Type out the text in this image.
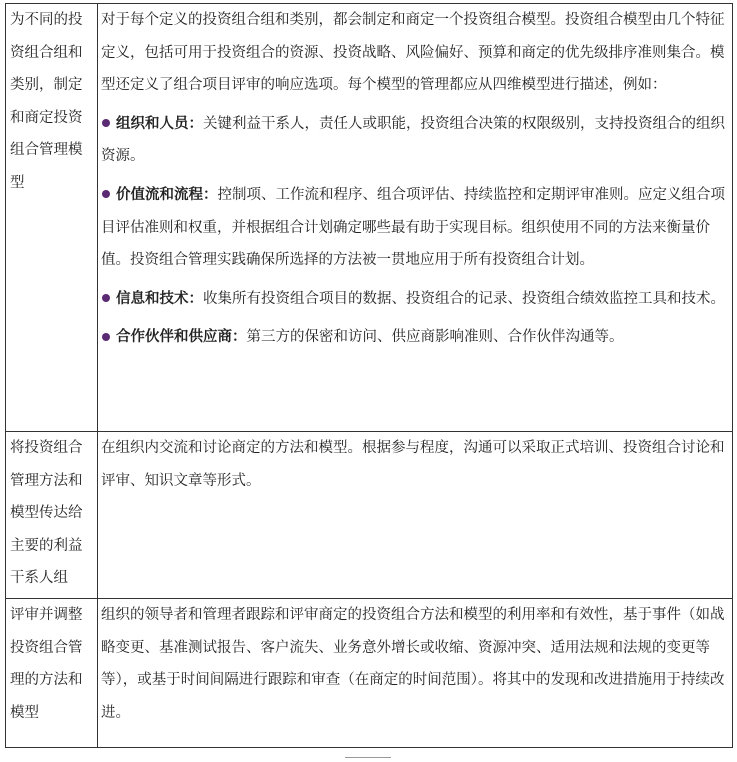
为不同的投资组合组和类别，制定和商定投资组合管理模型	对于每个定义的投资组合组和类别，都会制定和商定一个投资组合模型。投资组合模型由几个特征定义，包括可用于投资组合的资源、投资战略、风险偏好、预算和商定的优先级排序准则集合。模型还定义了组合项目评审的响应选项。每个模型的管理都应从四维模型进行描述，例如：

组织和人员：关键利益干系人，责任人或职能，投资组合决策的权限级别，支持投资组合的组织资源。

价值流和流程：控制项、工作流和程序、组合项评估、持续监控和定期评审准则。应定义组合项目评估准则和权重，并根据组合计划确定哪些最有助于实现目标。组织使用不同的方法来衡量价值。投资组合管理实践确保所选择的方法被一贯地应用于所有投资组合计划。

信息和技术：收集所有投资组合项目的数据、投资组合的记录、投资组合绩效监控工具和技术。

合作伙伴和供应商：第三方的保密和访问、供应商影响准则、合作伙伴沟通等。

将投资组合管理方法和模型传达给主要的利益干系人组	在组织内交流和讨论商定的方法和模型。根据参与程度，沟通可以采取正式培训、投资组合讨论和评审、知识文章等形式。
评审并调整投资组合管理的方法和模型	组织的领导者和管理者跟踪和评审商定的投资组合方法和模型的利用率和有效性，基于事件（如战略变更、基准测试报告、客户流失、业务意外增长或收缩、资源冲突、适用法规和法规的变更等等），或基于时间间隔进行跟踪和审查（在商定的时间范围）。将其中的发现和改进措施用于持续改进。
